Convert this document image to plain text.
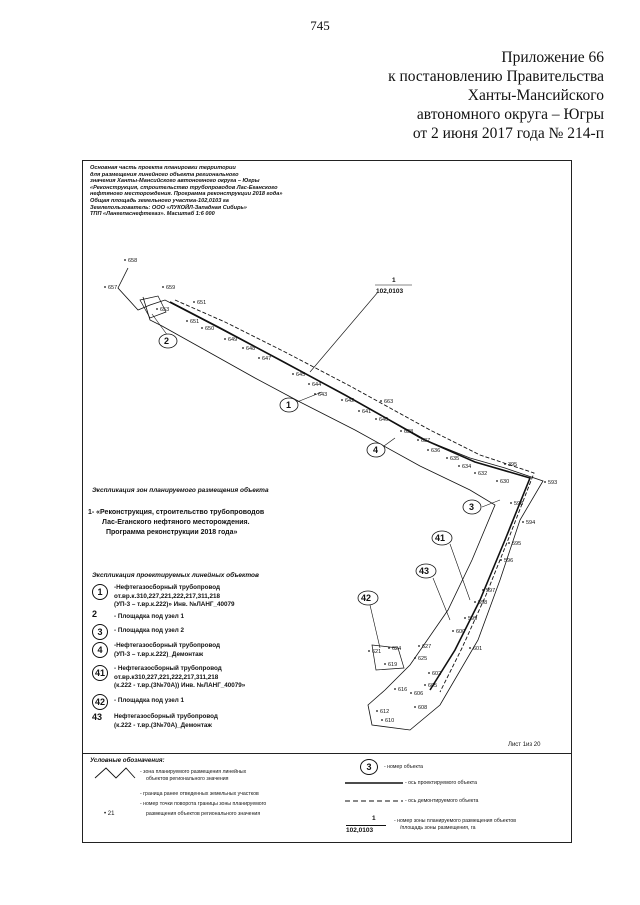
745
Приложение 66
к постановлению Правительства
Ханты-Мансийского
автономного округа – Югры
от 2 июня 2017 года № 214-п
Основная часть проекта планировки территории
для размещения линейного объекта регионального
значения Ханты-Мансийского автономного округа – Югры
«Реконструкция, строительство трубопроводов Лас-Еганского
нефтяного месторождения. Программа реконструкции 2018 года»
Общая площадь земельного участка-102,0103 га
Землепользователь: ООО «ЛУКОЙЛ-Западная Сибирь»
ТПП «Лангепаснефтегаз». Масштаб 1:6 000
1
102,0103
2
1
4
3
41
43
42
658
657	659
653
651
651
650
649
648
647
645
644
643
642	663
641
640
638
637
636
635
634
632
395
630	593
598
594
595
596
597
598
599
600
601
624	627
621
625
619
602
605
616
606
608
612
610
Экспликация зон планируемого размещения объекта
1- «Реконструкция, строительство трубопроводов
Лас-Еганского нефтяного месторождения.
Программа реконструкции 2018 года»
Экспликация проектируемых линейных объектов
1	-Нефтегазосборный трубопровод
от.вр.к.310,227,221,222,217,311,218
(УП-3 – т.вр.к.222)» Инв. №ЛАНГ_40079
2	- Площадка под узел 1
3	- Площадка под узел 2
4	-Нефтегазосборный трубопровод
(УП-3 – т.вр.к.222)_Демонтаж
41	- Нефтегазосборный трубопровод
от.вр.к310,227,221,222,217,311,218
(к.222 - т.вр.(3№70А)) Инв. №ЛАНГ_40079»
42	- Площадка под узел 1
43 Нефтегазосборный трубопровод
(к.222 - т.вр.(3№70А)_Демонтаж
Лист 1из 20
Условные обозначения:
- зона планируемого размещения линейных
объектов регионального значения
- граница ранее отведенных земельных участков
- номер точки поворота границы зоны планируемого
размещения объектов регионального значения
• 21
3	- номер объекта
- ось проектируемого объекта
- ось демонтируемого объекта
1
102,0103
- номер зоны планируемого размещения объектов
/площадь зоны размещения, га
